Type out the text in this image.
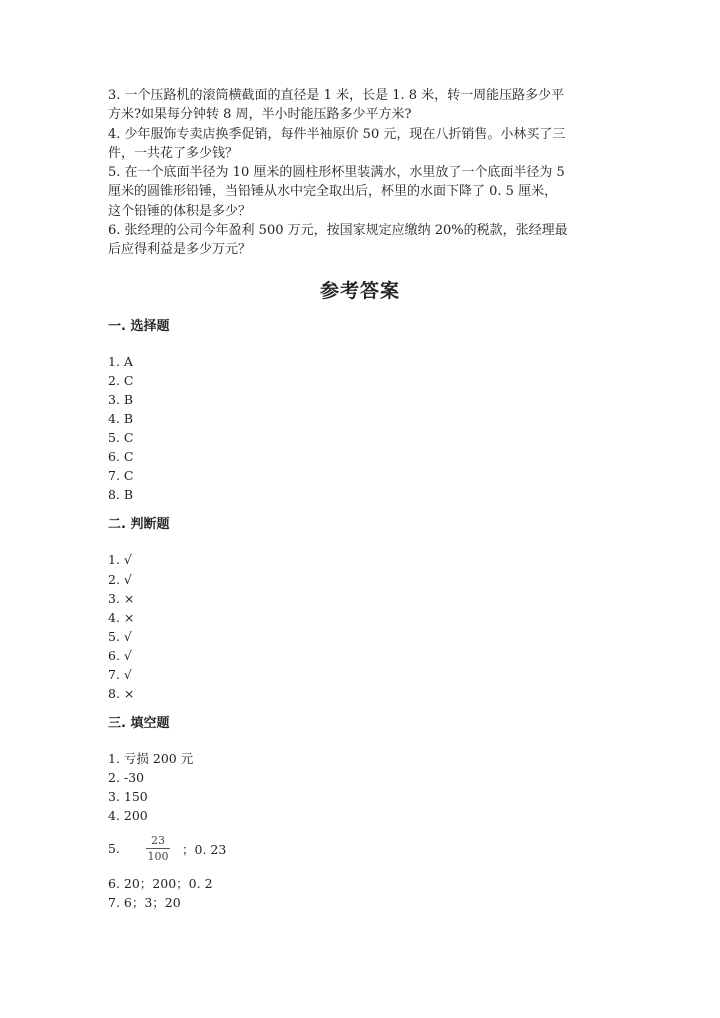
3. 一个压路机的滚筒横截面的直径是 1 米，长是 1. 8 米，转一周能压路多少平
方米?如果每分钟转 8 周，半小时能压路多少平方米?
4. 少年服饰专卖店换季促销，每件半袖原价 50 元，现在八折销售。小林买了三
件，一共花了多少钱？
5. 在一个底面半径为 10 厘米的圆柱形杯里装满水，水里放了一个底面半径为 5
厘米的圆锥形铅锤，当铅锤从水中完全取出后，杯里的水面下降了 0. 5 厘米，
这个铅锤的体积是多少？
6. 张经理的公司今年盈利 500 万元，按国家规定应缴纳 20%的税款，张经理最
后应得利益是多少万元？
参考答案
一. 选择题
1. A
2. C
3. B
4. B
5. C
6. C
7. C
8. B
二. 判断题
1. √
2. √
3. ×
4. ×
5. √
6. √
7. √
8. ×
三. 填空题
1. 亏损 200 元
2. -30
3. 150
4. 200
5.	$\frac{23}{100}$ ；0. 23
6. 20；200；0. 2
7. 6；3；20
